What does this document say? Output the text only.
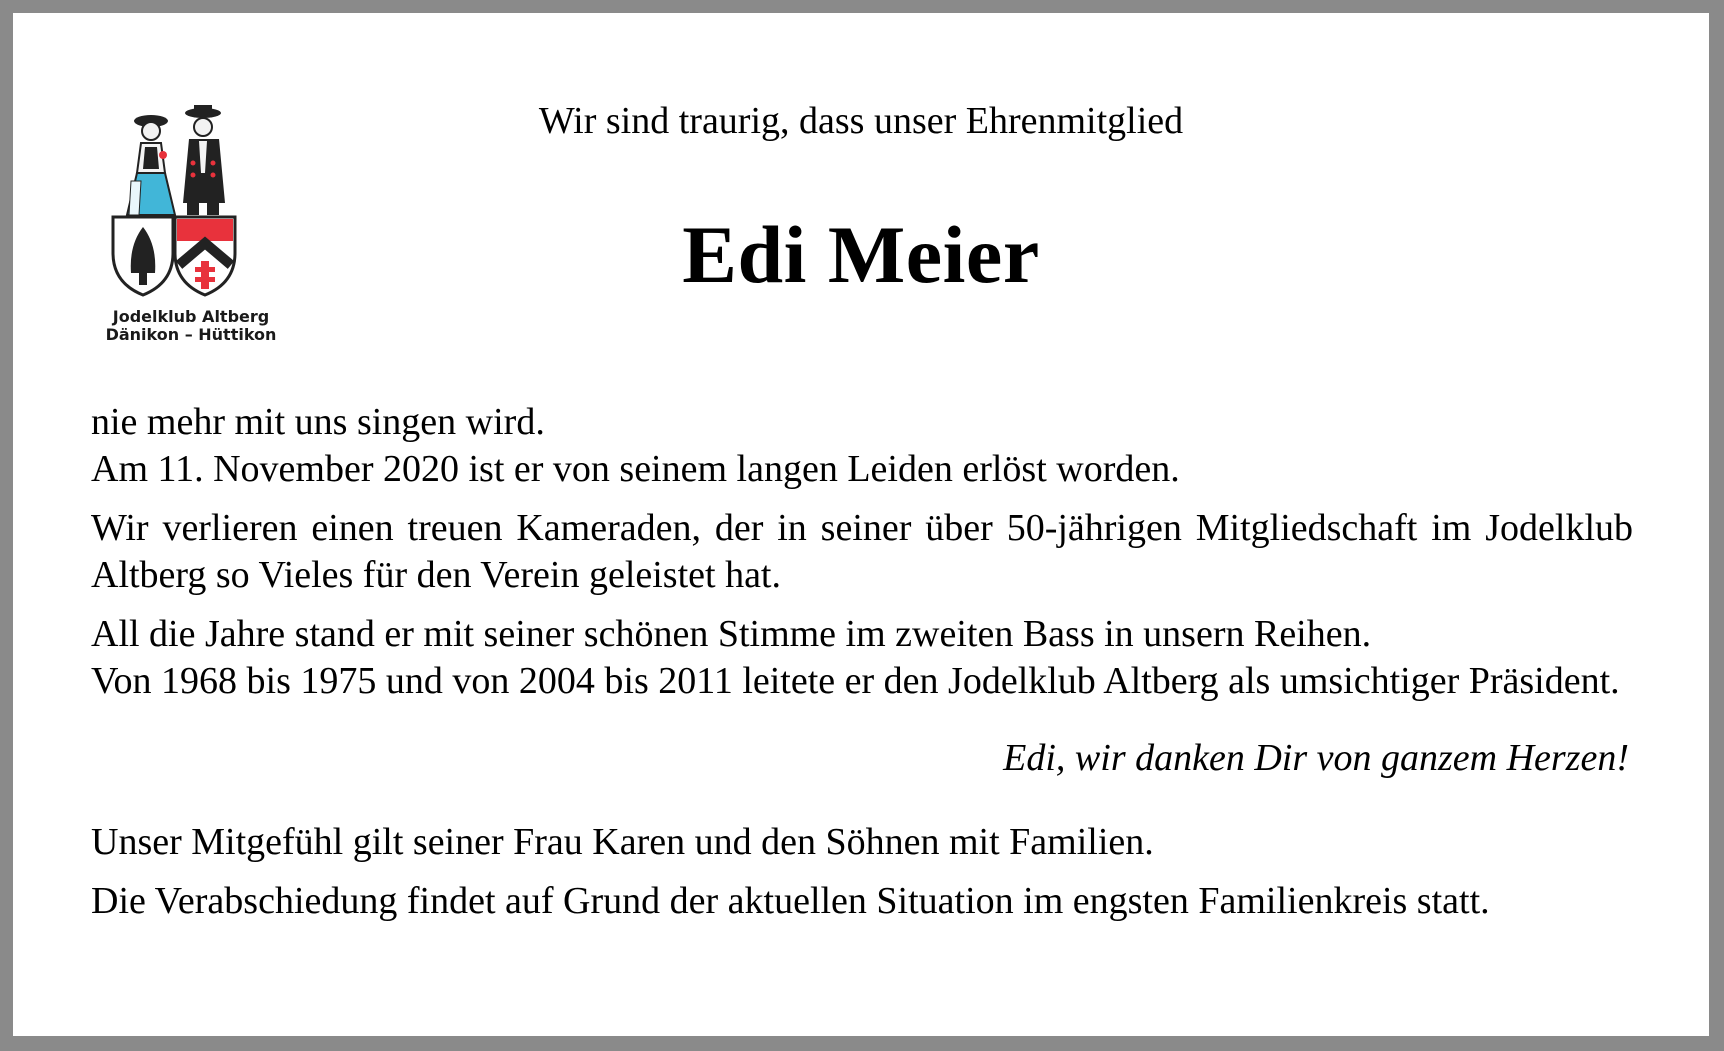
Jodelklub Altberg
Dänikon – Hüttikon
Wir sind traurig, dass unser Ehrenmitglied
Edi Meier

nie mehr mit uns singen wird.

Am 11. November 2020 ist er von seinem langen Leiden erlöst worden.

Wir verlieren einen treuen Kameraden, der in seiner über 50-jährigen Mitgliedschaft im Jodelklub Altberg so Vieles für den Verein geleistet hat.

All die Jahre stand er mit seiner schönen Stimme im zweiten Bass in unsern Reihen.

Von 1968 bis 1975 und von 2004 bis 2011 leitete er den Jodelklub Altberg als umsichtiger Präsident.

Edi, wir danken Dir von ganzem Herzen!

Unser Mitgefühl gilt seiner Frau Karen und den Söhnen mit Familien.

Die Verabschiedung findet auf Grund der aktuellen Situation im engsten Familienkreis statt.
